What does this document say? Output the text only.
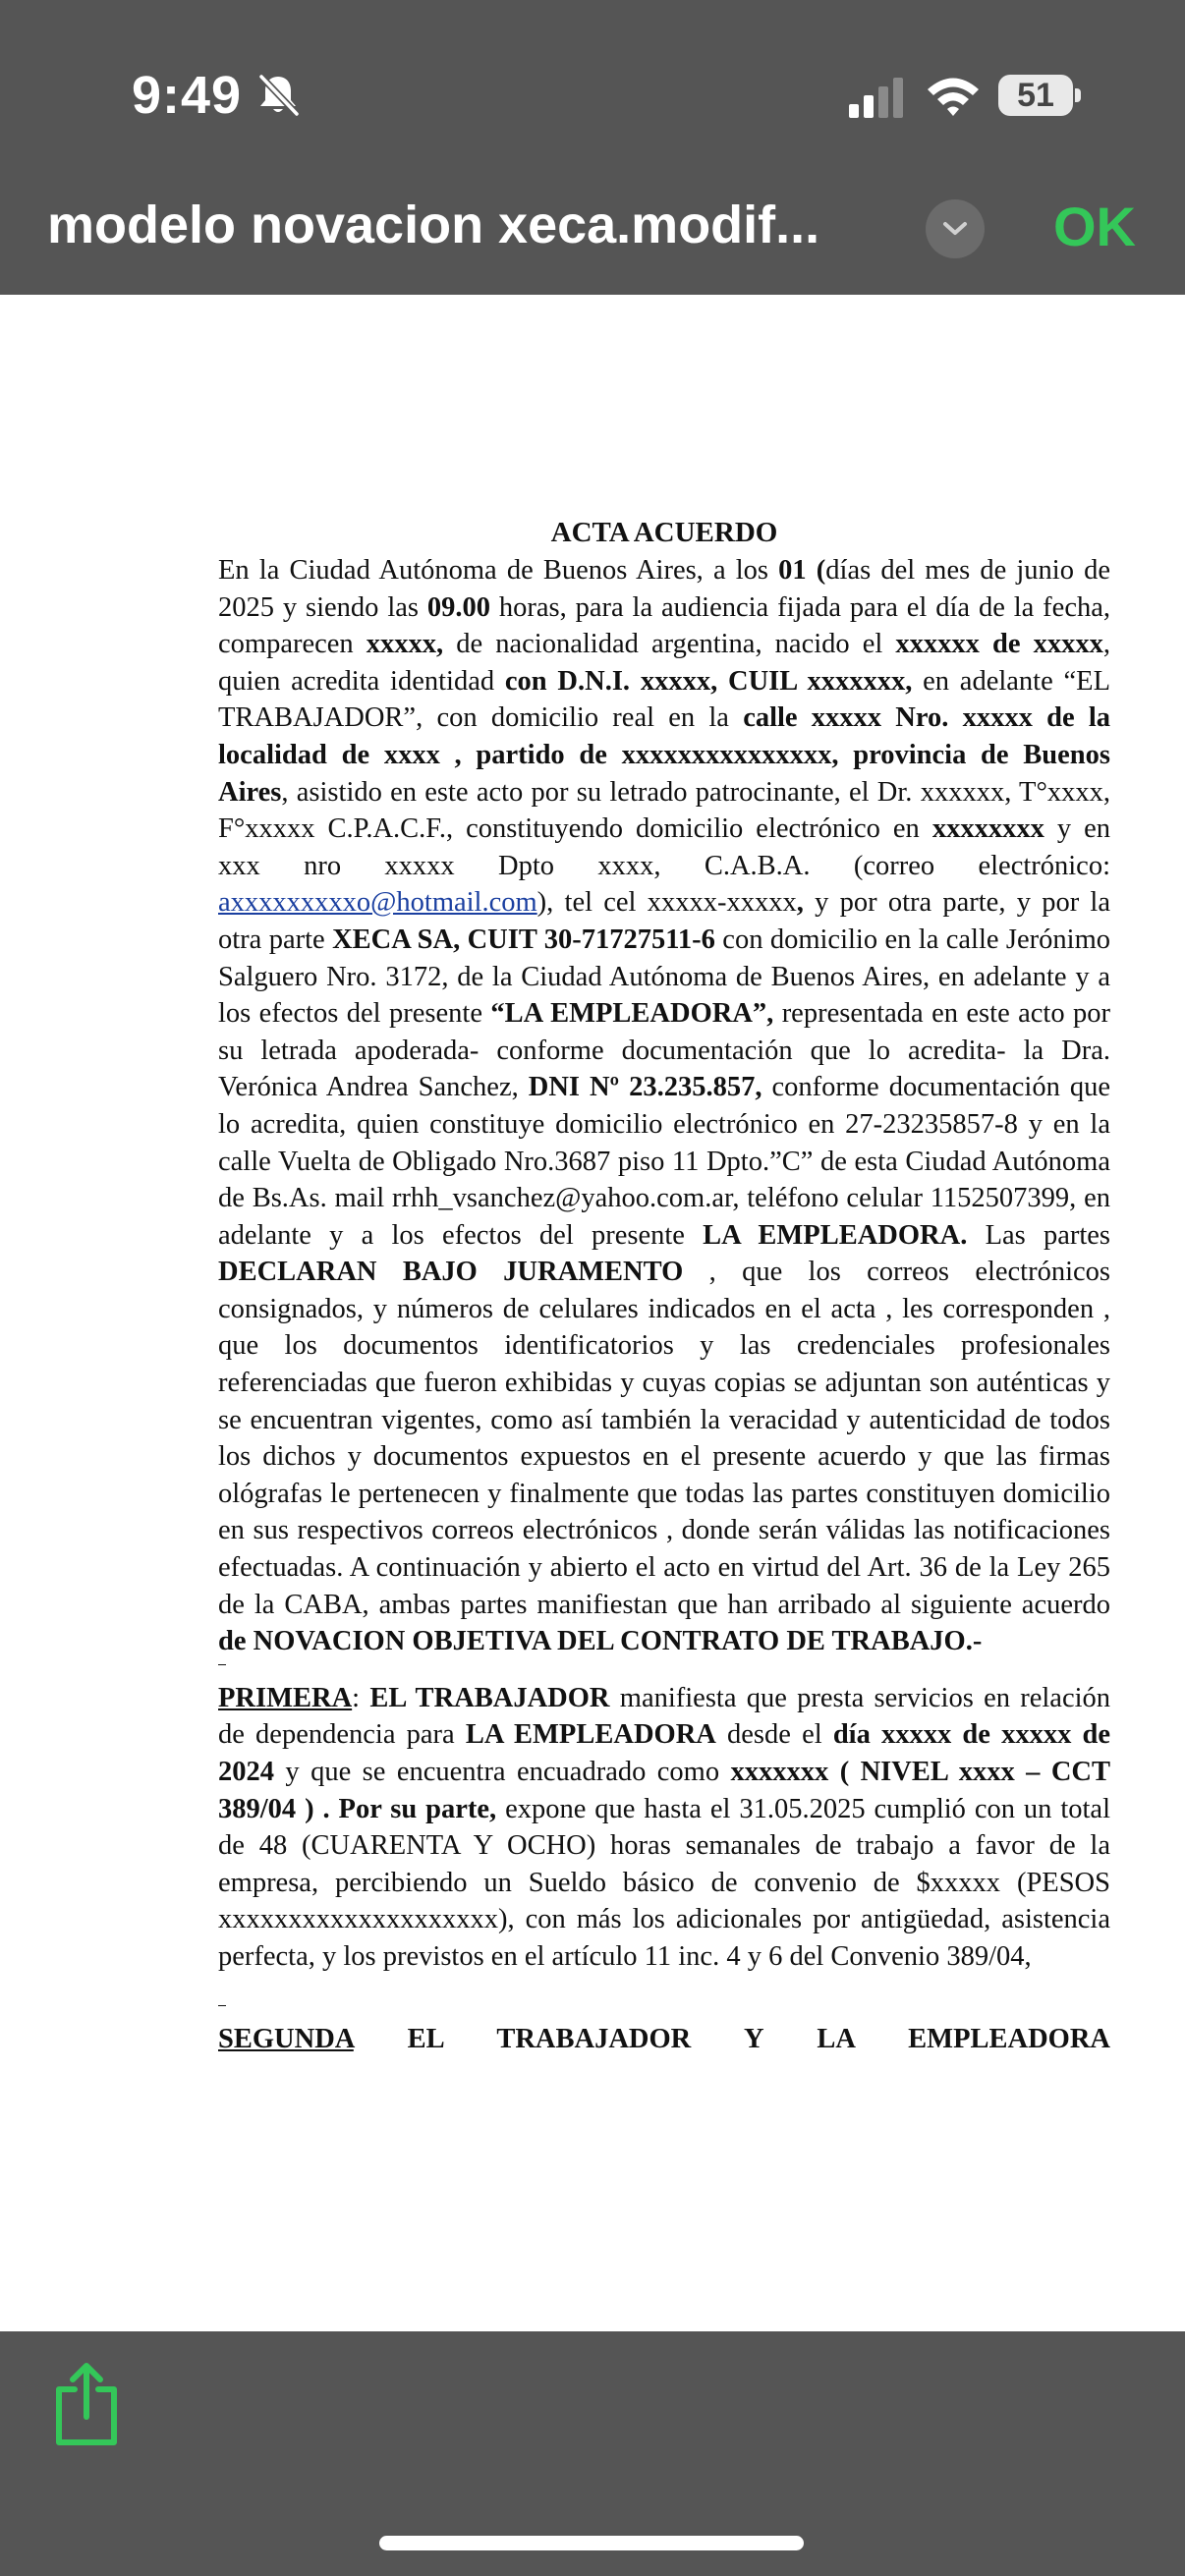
9:49	51
modelo novacion xeca.modif...	OK
ACTA ACUERDO

En la Ciudad Autónoma de Buenos Aires, a los 01 (días del mes de junio de 2025 y siendo las 09.00 horas, para la audiencia fijada para el día de la fecha, comparecen xxxxx, de nacionalidad argentina, nacido el xxxxxx de xxxxx, quien acredita identidad con D.N.I. xxxxx, CUIL xxxxxxx, en adelante “EL TRABAJADOR”, con domicilio real en la calle xxxxx Nro. xxxxx de la localidad de xxxx , partido de xxxxxxxxxxxxxxx, provincia de Buenos Aires, asistido en este acto por su letrado patrocinante, el Dr. xxxxxx, T°xxxx, F°xxxxx C.P.A.C.F., constituyendo domicilio electrónico en xxxxxxxx y en xxx nro xxxxx Dpto xxxx, C.A.B.A. (correo electrónico: axxxxxxxxxo@hotmail.com), tel cel xxxxx-xxxxx, y por otra parte, y por la otra parte XECA SA, CUIT 30-71727511-6 con domicilio en la calle Jerónimo Salguero Nro. 3172, de la Ciudad Autónoma de Buenos Aires, en adelante y a los efectos del presente “LA EMPLEADORA”, representada en este acto por su letrada apoderada- conforme documentación que lo acredita- la Dra. Verónica Andrea Sanchez, DNI Nº 23.235.857, conforme documentación que lo acredita, quien constituye domicilio electrónico en 27-23235857-8 y en la calle Vuelta de Obligado Nro.3687 piso 11 Dpto.”C” de esta Ciudad Autónoma de Bs.As. mail rrhh_vsanchez@yahoo.com.ar, teléfono celular 1152507399, en adelante y a los efectos del presente LA EMPLEADORA. Las partes DECLARAN BAJO JURAMENTO , que los correos electrónicos consignados, y números de celulares indicados en el acta , les corresponden , que los documentos identificatorios y las credenciales profesionales referenciadas que fueron exhibidas y cuyas copias se adjuntan son auténticas y se encuentran vigentes, como así también la veracidad y autenticidad de todos los dichos y documentos expuestos en el presente acuerdo y que las firmas ológrafas le pertenecen y finalmente que todas las partes constituyen domicilio en sus respectivos correos electrónicos , donde serán válidas las notificaciones efectuadas. A continuación y abierto el acto en virtud del Art. 36 de la Ley 265 de la CABA, ambas partes manifiestan que han arribado al siguiente acuerdo de NOVACION OBJETIVA DEL CONTRATO DE TRABAJO.-

PRIMERA: EL TRABAJADOR manifiesta que presta servicios en relación de dependencia para LA EMPLEADORA desde el día xxxxx de xxxxx de 2024 y que se encuentra encuadrado como xxxxxxx ( NIVEL xxxx – CCT 389/04 ) . Por su parte, expone que hasta el 31.05.2025 cumplió con un total de 48 (CUARENTA Y OCHO) horas semanales de trabajo a favor de la empresa, percibiendo un Sueldo básico de convenio de $xxxxx (PESOS xxxxxxxxxxxxxxxxxxxx), con más los adicionales por antigüedad, asistencia perfecta, y los previstos en el artículo 11 inc. 4 y 6 del Convenio 389/04,

SEGUNDA EL TRABAJADOR Y LA EMPLEADORA
